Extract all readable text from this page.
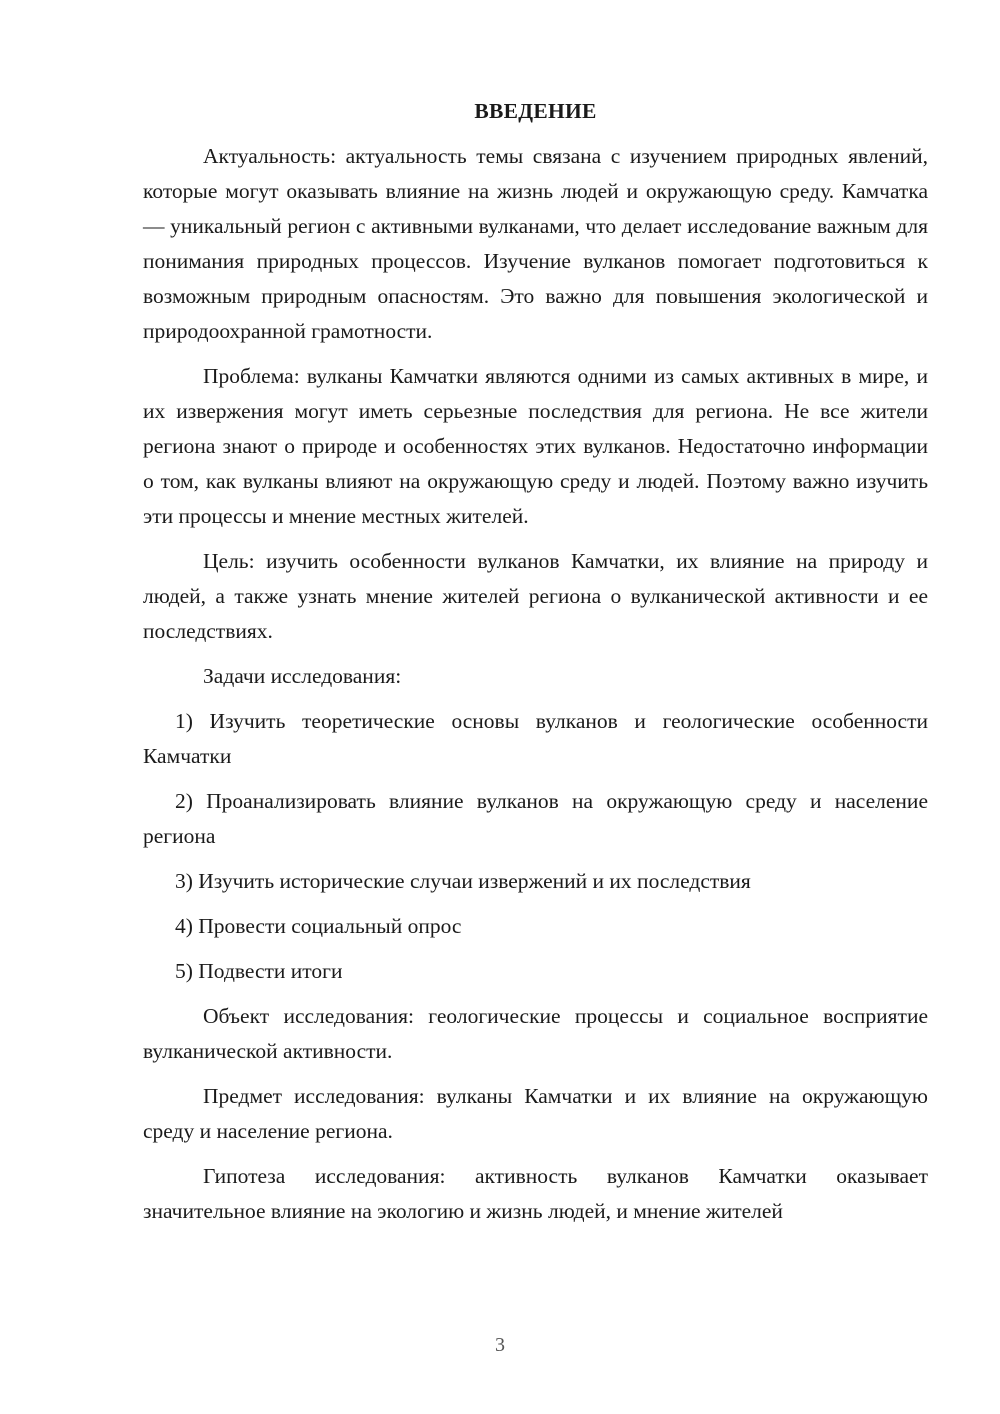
ВВЕДЕНИЕ

Актуальность: актуальность темы связана с изучением природных явлений, которые могут оказывать влияние на жизнь людей и окружающую среду. Камчатка — уникальный регион с активными вулканами, что делает исследование важным для понимания природных процессов. Изучение вулканов помогает подготовиться к возможным природным опасностям. Это важно для повышения экологической и природоохранной грамотности.

Проблема: вулканы Камчатки являются одними из самых активных в мире, и их извержения могут иметь серьезные последствия для региона. Не все жители региона знают о природе и особенностях этих вулканов. Недостаточно информации о том, как вулканы влияют на окружающую среду и людей. Поэтому важно изучить эти процессы и мнение местных жителей.

Цель: изучить особенности вулканов Камчатки, их влияние на природу и людей, а также узнать мнение жителей региона о вулканической активности и ее последствиях.

Задачи исследования:

1) Изучить теоретические основы вулканов и геологические особенности Камчатки

2) Проанализировать влияние вулканов на окружающую среду и население региона

3) Изучить исторические случаи извержений и их последствия

4) Провести социальный опрос

5) Подвести итоги

Объект исследования: геологические процессы и социальное восприятие вулканической активности.

Предмет исследования: вулканы Камчатки и их влияние на окружающую среду и население региона.

Гипотеза исследования: активность вулканов Камчатки оказывает значительное влияние на экологию и жизнь людей, и мнение жителей

3
